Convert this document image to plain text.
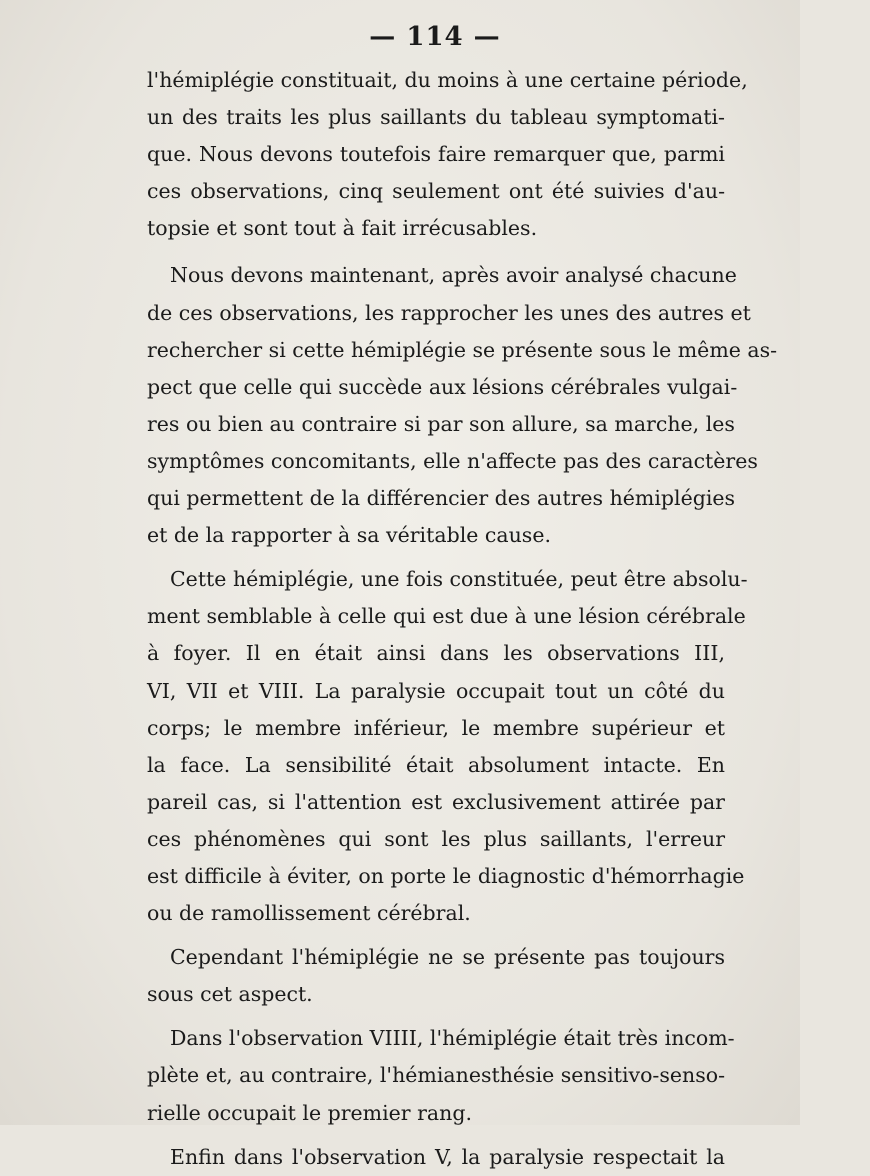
— 114 —
l'hémiplégie constituait, du moins à une certaine période,
un des traits les plus saillants du tableau symptomati-
que. Nous devons toutefois faire remarquer que, parmi
ces observations, cinq seulement ont été suivies d'au-
topsie et sont tout à fait irrécusables.
Nous devons maintenant, après avoir analysé chacune
de ces observations, les rapprocher les unes des autres et
rechercher si cette hémiplégie se présente sous le même as-
pect que celle qui succède aux lésions cérébrales vulgai-
res ou bien au contraire si par son allure, sa marche, les
symptômes concomitants, elle n'affecte pas des caractères
qui permettent de la différencier des autres hémiplégies
et de la rapporter à sa véritable cause.
Cette hémiplégie, une fois constituée, peut être absolu-
ment semblable à celle qui est due à une lésion cérébrale
à foyer. Il en était ainsi dans les observations III,
VI, VII et VIII. La paralysie occupait tout un côté du
corps; le membre inférieur, le membre supérieur et
la face. La sensibilité était absolument intacte. En
pareil cas, si l'attention est exclusivement attirée par
ces phénomènes qui sont les plus saillants, l'erreur
est difficile à éviter, on porte le diagnostic d'hémorrhagie
ou de ramollissement cérébral.
Cependant l'hémiplégie ne se présente pas toujours
sous cet aspect.
Dans l'observation VIIII, l'hémiplégie était très incom-
plète et, au contraire, l'hémianesthésie sensitivo-senso-
rielle occupait le premier rang.
Enfin dans l'observation V, la paralysie respectait la
